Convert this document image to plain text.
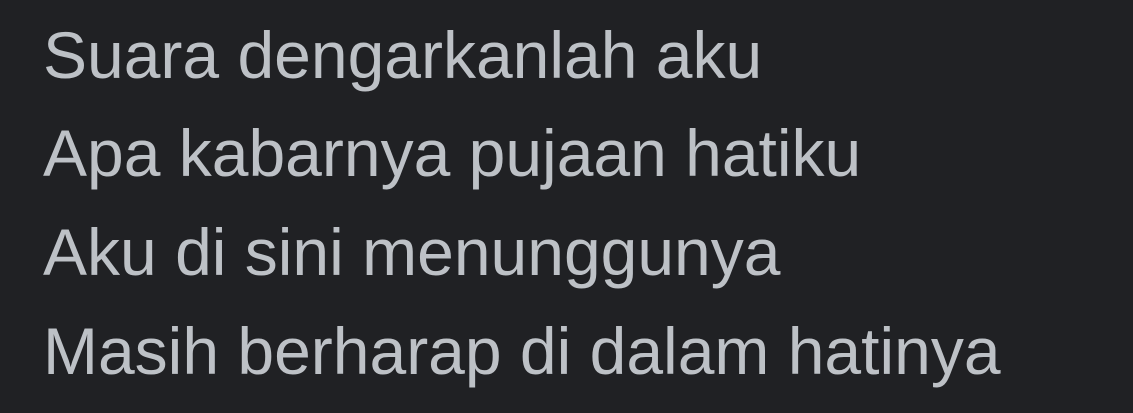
Suara dengarkanlah aku
Apa kabarnya pujaan hatiku
Aku di sini menunggunya
Masih berharap di dalam hatinya
